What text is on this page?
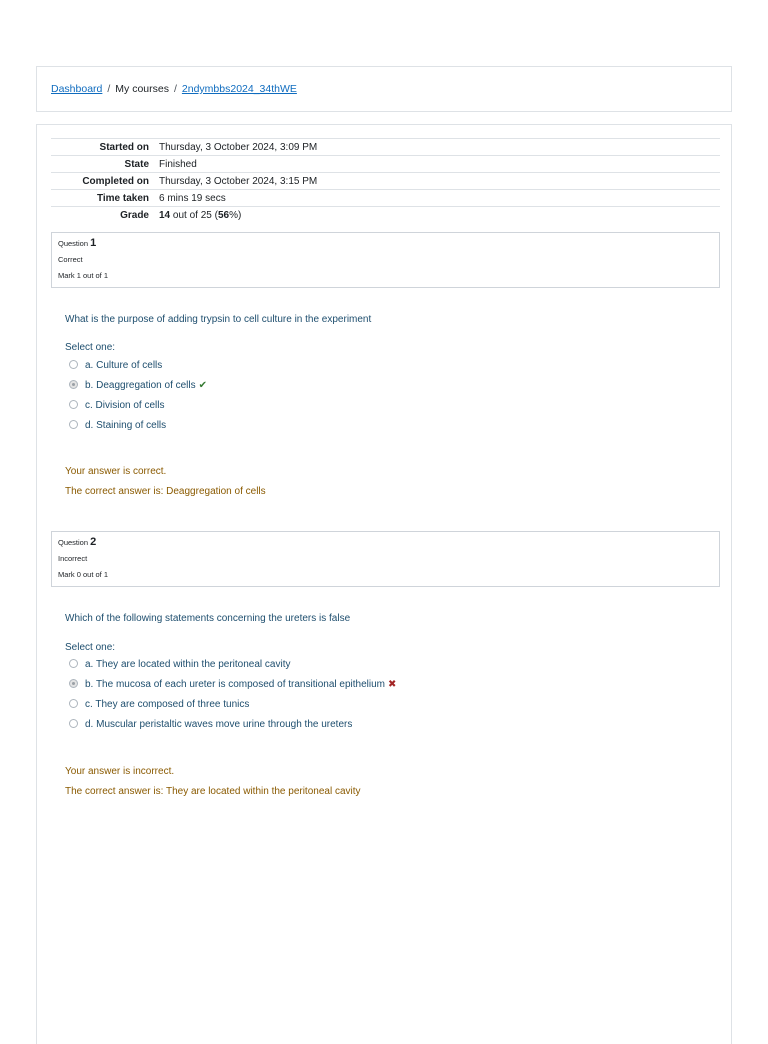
Dashboard / My courses / 2ndymbbs2024_34thWE
Started on	Thursday, 3 October 2024, 3:09 PM
State	Finished
Completed on	Thursday, 3 October 2024, 3:15 PM
Time taken	6 mins 19 secs
Grade	14 out of 25 (56%)
Question 1
Correct
Mark 1 out of 1
What is the purpose of adding trypsin to cell culture in the experiment
Select one:
a. Culture of cells
b. Deaggregation of cells ✔
c. Division of cells
d. Staining of cells
Your answer is correct.
The correct answer is: Deaggregation of cells
Question 2
Incorrect
Mark 0 out of 1
Which of the following statements concerning the ureters is false
Select one:
a. They are located within the peritoneal cavity
b. The mucosa of each ureter is composed of transitional epithelium ✖
c. They are composed of three tunics
d. Muscular peristaltic waves move urine through the ureters
Your answer is incorrect.
The correct answer is: They are located within the peritoneal cavity
